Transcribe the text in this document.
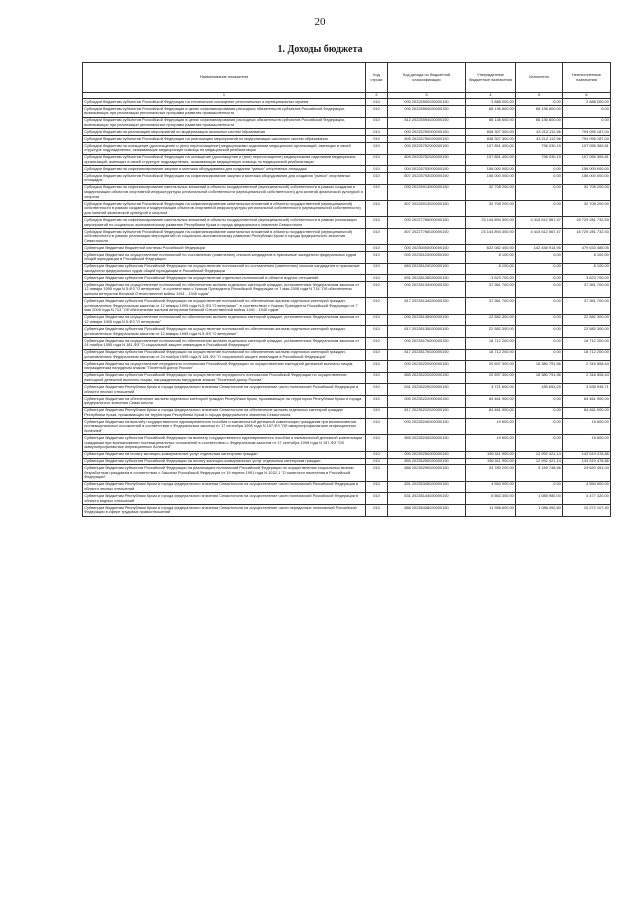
20
1. Доходы бюджета
Наименование показателя	Код строки	Код дохода по бюджетной классификации	Утвержденные бюджетные назначения	Исполнено	Неисполненные назначения
1	2	3	4	5	6
Субсидии бюджетам субъектов Российской Федерации на техническое оснащение региональных и муниципальных музеев	010	000 20225590020000150	2 888 000,00	0,00	2 888 000,00
Субсидии бюджетам субъектов Российской Федерации в целях софинансирования расходных обязательств субъектов Российской Федерации, возникающих при реализации региональных программ развития промышленности	010	000 20225594020000150	68 136 600,00	68 136 600,00	0,00
Субсидии бюджетам субъектов Российской Федерации в целях софинансирования расходных обязательств субъектов Российской Федерации, возникающих при реализации региональных программ развития промышленности	010	812 20225594020000150	68 136 600,00	68 136 600,00	0,00
Субсидии бюджетам на реализацию мероприятий по модернизации школьных систем образования	010	000 20225750000000150	838 307 300,00	43 212 112,96	794 095 187,04
Субсидии бюджетам субъектов Российской Федерации на реализацию мероприятий по модернизации школьных систем образования	010	809 20225750020000150	838 307 300,00	43 212 112,96	794 095 187,04
Субсидии бюджетам на оснащение (дооснащение и (или) переоснащение) медицинскими изделиями медицинских организаций, имеющих в своей структуре подразделения, оказывающие медицинскую помощь по медицинской реабилитации	010	000 20225752000000150	107 851 400,00	796 030,19	107 055 369,81
Субсидии бюджетам субъектов Российской Федерации на оснащение (дооснащение и (или) переоснащение) медицинскими изделиями медицинских организаций, имеющих в своей структуре подразделения, оказывающие медицинскую помощь по медицинской реабилитации	010	809 20225752020000150	107 851 400,00	796 030,19	107 055 369,81
Субсидии бюджетам на софинансирование закупки и монтажа оборудования для создания "умных" спортивных площадок	010	000 20225753000000150	156 000 000,00	0,00	156 000 000,00
Субсидии бюджетам субъектов Российской Федерации на софинансирование закупки и монтажа оборудования для создания "умных" спортивных площадок	010	807 20225753020000150	156 000 000,00	0,00	156 000 000,00
Субсидии бюджетам на софинансирование капитальных вложений в объекты государственной (муниципальной) собственности в рамках создания и модернизации объектов спортивной инфраструктуры региональной собственности (муниципальной собственности) для занятий физической культурой и спортом	010	000 20225013000000150	32 708 200,00	0,00	32 708 200,00
Субсидии бюджетам субъектов Российской Федерации на софинансирование капитальных вложений в объекты государственной (муниципальной) собственности в рамках создания и модернизации объектов спортивной инфраструктуры региональной собственности (муниципальной собственности) для занятий физической культурой и спортом	010	807 20225013020000150	32 708 200,00	0,00	32 708 200,00
Субсидии бюджетам на софинансирование капитальных вложений в объекты государственной (муниципальной) собственности в рамках реализации мероприятий по социально-экономическому развитию Республики Крым и города федерального значения Севастополя	010	000 20227766000000150	23 144 894 300,00	4 415 612 567,47	18 729 281 732,53
Субсидии бюджетам субъектов Российской Федерации на софинансирование капитальных вложений в объекты государственной (муниципальной) собственности в рамках реализации мероприятий по социально-экономическому развитию Республики Крым и города федерального значения Севастополя	010	807 20227766020000150	23 144 894 300,00	4 415 612 567,47	18 729 281 732,53
Субвенции бюджетам бюджетной системы Российской Федерации	010	000 20230000000000150	622 082 400,00	142 448 914,95	479 633 485,05
Субвенции бюджетам на осуществление полномочий по составлению (изменению) списков кандидатов в присяжные заседатели федеральных судов общей юрисдикции в Российской Федерации	010	000 20235120000000150	8 100,00	0,00	8 100,00
Субвенции бюджетам субъектов Российской Федерации на осуществление полномочий по составлению (изменению) списков кандидатов в присяжные заседатели федеральных судов общей юрисдикции в Российской Федерации	010	863 20235120020000150	8 100,00	0,00	8 100,00
Субвенции бюджетам субъектов Российской Федерации на осуществление отдельных полномочий в области водных отношений	010	831 20235128020000150	3 623 700,00	0,00	3 623 700,00
Субвенции бюджетам на осуществление полномочий по обеспечению жильем отдельных категорий граждан, установленных Федеральным законом от 12 января 1995 года N 5-ФЗ "О ветеранах", в соответствии с Указом Президента Российской Федерации от 7 мая 2008 года N 714 "Об обеспечении жильем ветеранов Великой Отечественной войны 1941 - 1945 годов"	010	000 20235134000000150	37 361 700,00	0,00	37 361 700,00
Субвенции бюджетам субъектов Российской Федерации на осуществление полномочий по обеспечению жильем отдельных категорий граждан, установленных Федеральным законом от 12 января 1995 года N 5-ФЗ "О ветеранах", в соответствии с Указом Президента Российской Федерации от 7 мая 2008 года N 714 "Об обеспечении жильем ветеранов Великой Отечественной войны 1941 - 1945 годов"	010	817 20235134020000150	37 361 700,00	0,00	37 361 700,00
Субвенции бюджетам на осуществление полномочий по обеспечению жильем отдельных категорий граждан, установленных Федеральным законом от 12 января 1995 года N 5-ФЗ "О ветеранах"	010	000 20235135000000150	22 582 300,00	0,00	22 582 300,00
Субвенции бюджетам субъектов Российской Федерации на осуществление полномочий по обеспечению жильем отдельных категорий граждан, установленных Федеральным законом от 12 января 1995 года N 5-ФЗ "О ветеранах"	010	817 20235135020000150	22 582 300,00	0,00	22 582 300,00
Субвенции бюджетам на осуществление полномочий по обеспечению жильем отдельных категорий граждан, установленных Федеральным законом от 24 ноября 1995 года N 181-ФЗ "О социальной защите инвалидов в Российской Федерации"	010	000 20235176000000150	18 712 200,00	0,00	18 712 200,00
Субвенции бюджетам субъектов Российской Федерации на осуществление полномочий по обеспечению жильем отдельных категорий граждан, установленных Федеральным законом от 24 ноября 1995 года N 181-ФЗ "О социальной защите инвалидов в Российской Федерации"	010	817 20235176020000150	18 712 200,00	0,00	18 712 200,00
Субвенции бюджетам на осуществление переданного полномочия Российской Федерации по осуществлению ежегодной денежной выплаты лицам, награжденным нагрудным знаком "Почетный донор России"	010	000 20235220000000150	20 697 300,00	18 380 791,56	2 316 508,44
Субвенции бюджетам субъектов Российской Федерации на осуществление переданного полномочия Российской Федерации по осуществлению ежегодной денежной выплаты лицам, награжденным нагрудным знаком "Почетный донор России"	010	855 20235220020000150	20 697 300,00	18 380 791,56	2 316 508,44
Субвенции бюджетам Республики Крым и города федерального значения Севастополя на осуществление части полномочий Российской Федерации в области лесных отношений	010	831 20235229020000150	3 721 600,00	185 653,29	3 535 946,71
Субвенции бюджетам на обеспечение жильем отдельных категорий граждан Республики Крым, проживающих на территории Республики Крым и города федерального значения Севастополя	010	000 20235222000000150	84 461 900,00	0,00	84 461 900,00
Субвенции бюджетам Республики Крым и города федерального значения Севастополя на обеспечение жильем отдельных категорий граждан Республики Крым, проживающих на территории Республики Крым и города федерального значения Севастополя	010	817 20235222020000150	84 461 900,00	0,00	84 461 900,00
Субвенции бюджетам на выплату государственного единовременного пособия и ежемесячной денежной компенсации гражданам при возникновении поствакцинальных осложнений в соответствии с Федеральным законом от 17 сентября 1998 года N 157-ФЗ "Об иммунопрофилактике инфекционных болезней"	010	000 20235240000000150	19 600,00	0,00	19 600,00
Субвенции бюджетам субъектов Российской Федерации на выплату государственного единовременного пособия и ежемесячной денежной компенсации гражданам при возникновении поствакцинальных осложнений в соответствии с Федеральным законом от 17 сентября 1998 года N 157-ФЗ "Об иммунопрофилактике инфекционных болезней"	010	855 20235240020000150	19 600,00	0,00	19 600,00
Субвенции бюджетам на оплату жилищно-коммунальных услуг отдельным категориям граждан	010	000 20235250000000150	156 511 900,00	12 992 421,14	143 519 478,86
Субвенции бюджетам субъектов Российской Федерации на оплату жилищно-коммунальных услуг отдельным категориям граждан	010	855 20235250020000150	156 511 900,00	12 992 421,14	143 519 478,86
Субвенции бюджетам субъектов Российской Федерации на реализацию полномочий Российской Федерации по осуществлению социальных выплат безработным гражданам в соответствии с Законом Российской Федерации от 19 апреля 1991 года N 1032-1 "О занятости населения в Российской Федерации"	010	866 20235290020000150	33 780 200,00	9 159 748,96	24 620 451,04
Субвенции бюджетам Республики Крым и города федерального значения Севастополя на осуществление части полномочий Российской Федерации в области лесных отношений	010	831 20235345020000150	4 554 900,00	0,00	4 554 900,00
Субвенции бюджетам Республики Крым и города федерального значения Севастополя на осуществление части полномочий Российской Федерации в области водных отношений	010	831 20235144020000150	5 563 300,00	1 085 980,00	4 477 320,00
Субвенции бюджетам Республики Крым и города федерального значения Севастополя на осуществление части переданных полномочий Российской Федерации в сфере трудовых правоотношений	010	866 20235438020000150	11 358 600,00	1 086 492,60	10 272 107,40
